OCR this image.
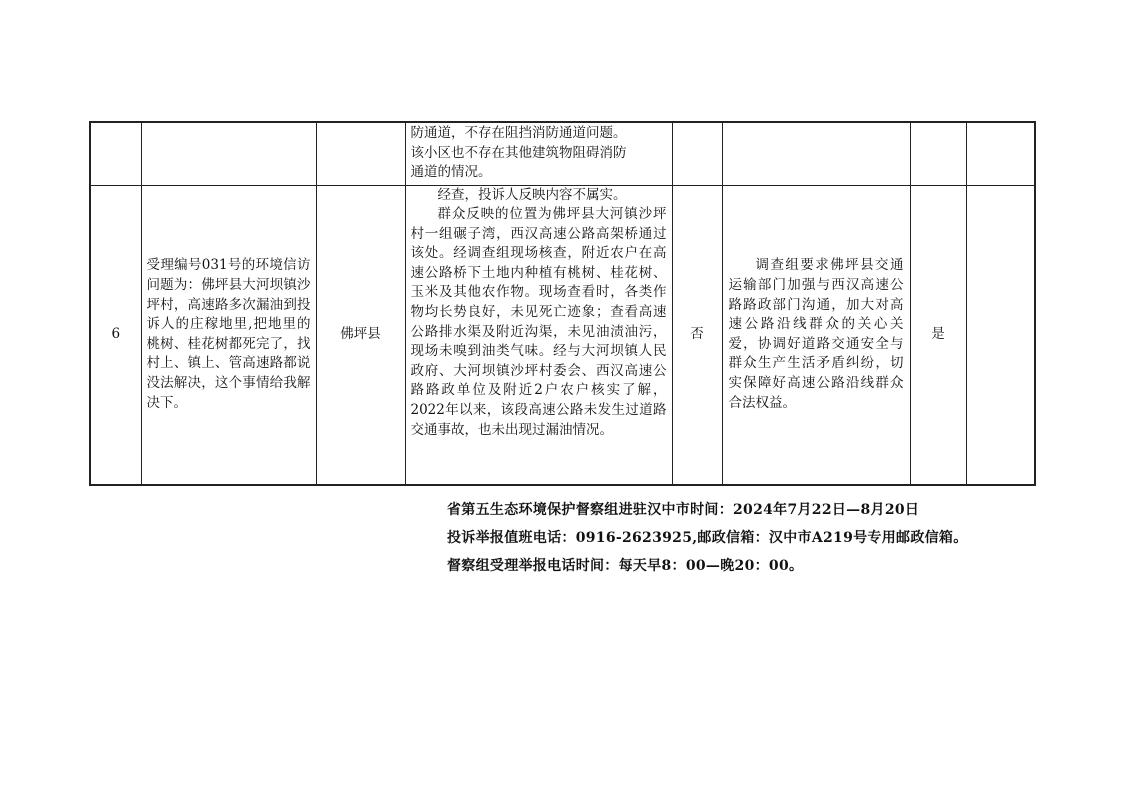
			防通道，不存在阻挡消防通道问题。
该小区也不存在其他建筑物阻碍消防
通道的情况。				

6	受理编号031号的环境信访问题为：佛坪县大河坝镇沙坪村，高速路多次漏油到投诉人的庄稼地里,把地里的桃树、桂花树都死完了，找村上、镇上、管高速路都说没法解决，这个事情给我解决下。	佛坪县	经查，投诉人反映内容不属实。
群众反映的位置为佛坪县大河镇沙坪村一组碾子湾，西汉高速公路高架桥通过该处。经调查组现场核查，附近农户在高速公路桥下土地内种植有桃树、桂花树、玉米及其他农作物。现场查看时，各类作物均长势良好，未见死亡迹象；查看高速公路排水渠及附近沟渠，未见油渍油污，现场未嗅到油类气味。经与大河坝镇人民政府、大河坝镇沙坪村委会、西汉高速公路路政单位及附近2户农户核实了解，2022年以来，该段高速公路未发生过道路交通事故，也未出现过漏油情况。	否	调查组要求佛坪县交通运输部门加强与西汉高速公路路政部门沟通，加大对高速公路沿线群众的关心关爱，协调好道路交通安全与群众生产生活矛盾纠纷，切实保障好高速公路沿线群众合法权益。	是	
省第五生态环境保护督察组进驻汉中市时间：2024年7月22日—8月20日
投诉举报值班电话：0916-2623925,邮政信箱：汉中市A219号专用邮政信箱。
督察组受理举报电话时间：每天早8：00—晚20：00。
